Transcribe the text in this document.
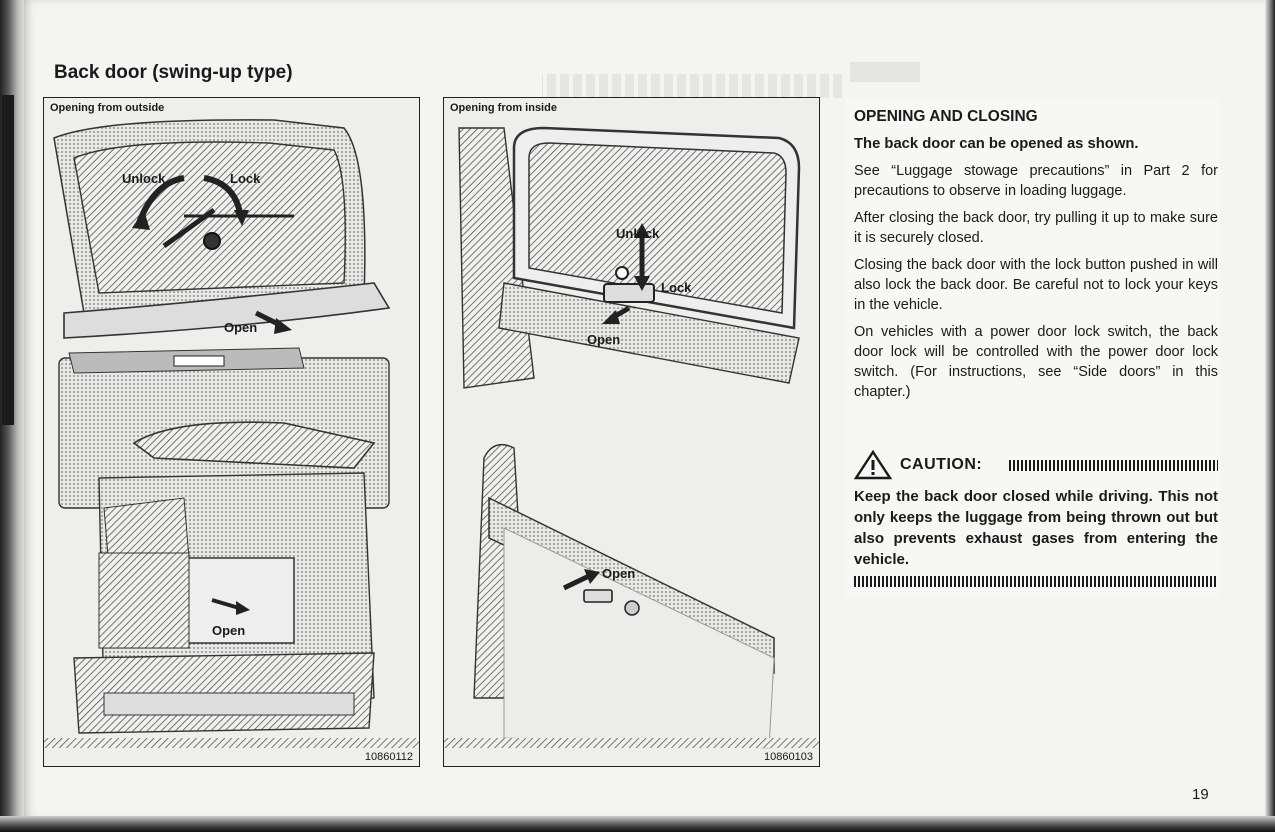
Back door (swing-up type)
Opening from outside
Unlock	Lock
Open
Open
10860112
Opening from inside
Unlock
Lock
Open
Open
10860103
OPENING AND CLOSING

The back door can be opened as shown.

See “Luggage stowage precautions” in Part 2 for precautions to observe in loading luggage.

After closing the back door, try pulling it up to make sure it is securely closed.

Closing the back door with the lock button pushed in will also lock the back door. Be careful not to lock your keys in the vehicle.

On vehicles with a power door lock switch, the back door lock will be controlled with the power door lock switch. (For instructions, see “Side doors” in this chapter.)

CAUTION:
Keep the back door closed while driving. This not only keeps the luggage from being thrown out but also prevents exhaust gases from entering the vehicle.
19
